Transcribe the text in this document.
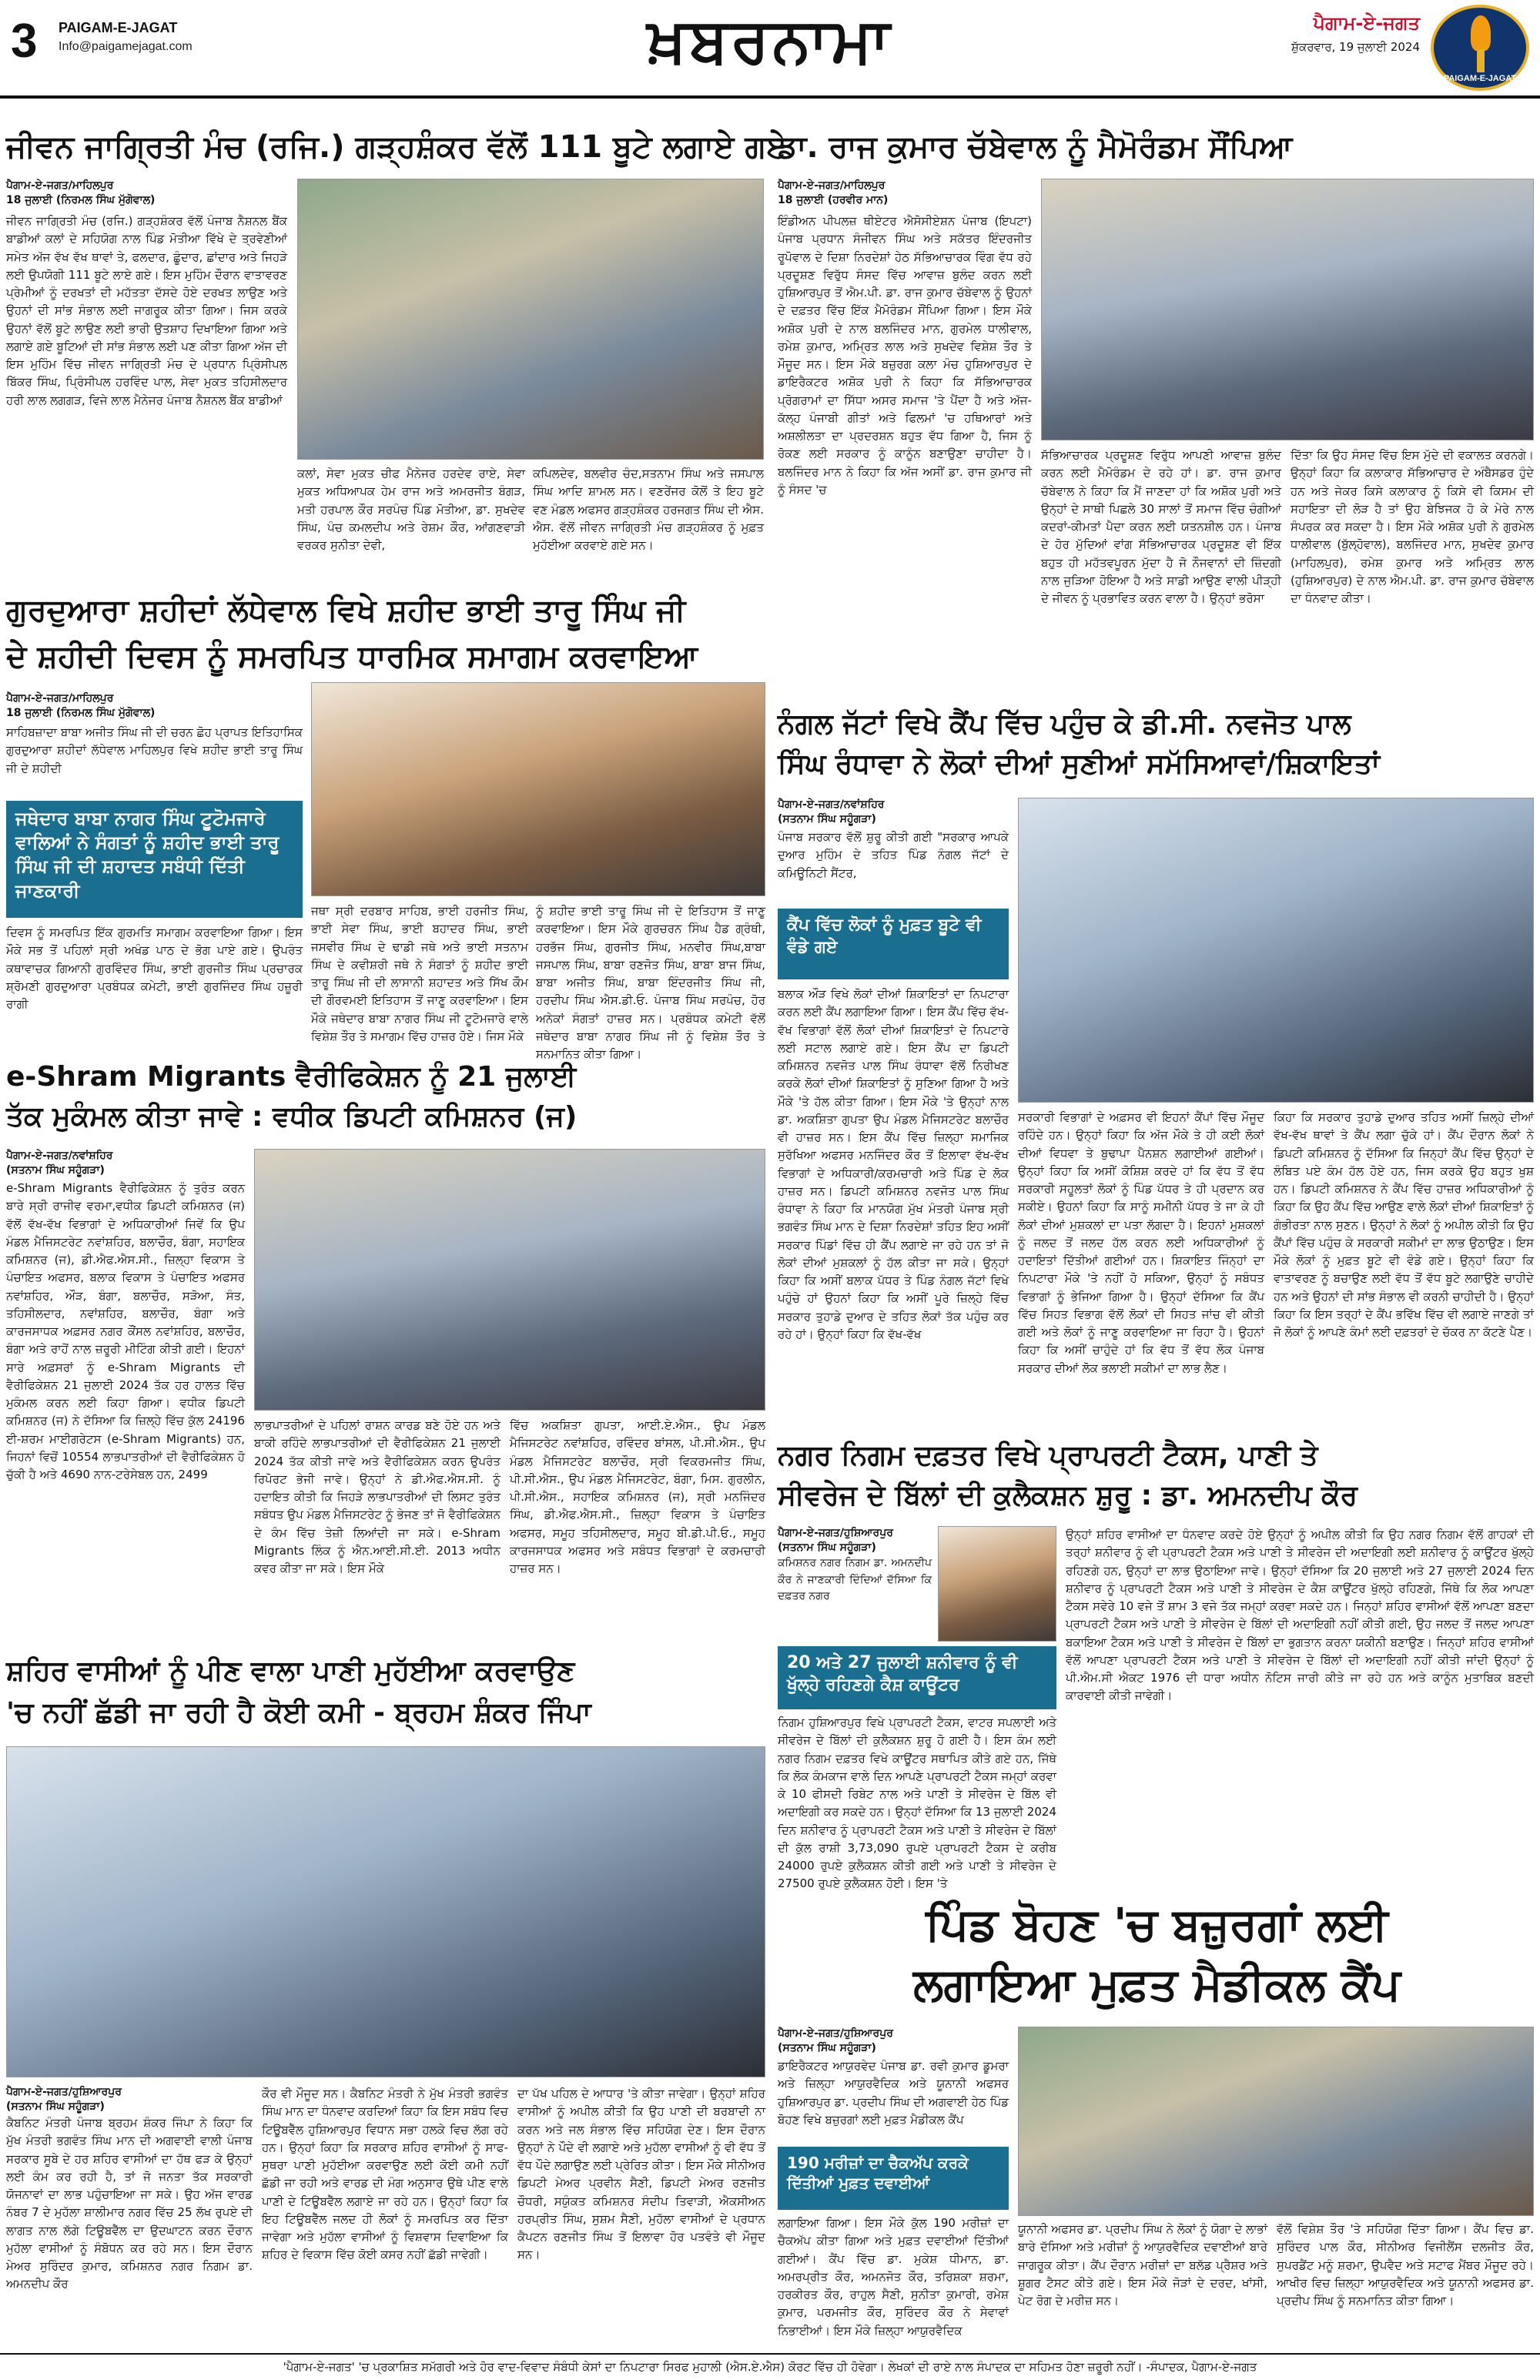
3 PAIGAM-E-JAGAT
Info@paigamejagat.com	ਖ਼ਬਰਨਾਮਾ	ਪੈਗਾਮ-ਏ-ਜਗਤ
ਸ਼ੁੱਕਰਵਾਰ, 19 ਜੁਲਾਈ 2024
PAIGAM-E-JAGAT
ਜੀਵਨ ਜਾਗ੍ਰਿਤੀ ਮੰਚ (ਰਜਿ.) ਗੜ੍ਹਸ਼ੰਕਰ ਵੱਲੋਂ 111 ਬੂਟੇ ਲਗਾਏ ਗਏ
ਪੈਗਾਮ-ਏ-ਜਗਤ/ਮਾਹਿਲਪੁਰ
18 ਜੁਲਾਈ (ਨਿਰਮਲ ਸਿੰਘ ਮੁੱਗੋਵਾਲ)
ਜੀਵਨ ਜਾਗ੍ਰਿਤੀ ਮੰਚ (ਰਜਿ.) ਗੜ੍ਹਸ਼ੰਕਰ ਵੱਲੋਂ ਪੰਜਾਬ ਨੈਸ਼ਨਲ ਬੈਂਕ ਬਾਡੀਆਂ ਕਲਾਂ ਦੇ ਸਹਿਯੋਗ ਨਾਲ ਪਿੰਡ ਮੋਤੀਆ ਵਿੱਖੇ ਦੇ ਤ੍ਰਵੇਣੀਆਂ ਸਮੇਤ ਅੱਜ ਵੱਖ ਵੱਖ ਥਾਵਾਂ ਤੇ, ਫਲਦਾਰ, ਛੂੰਦਾਰ, ਛਾਂਦਾਰ ਅਤੇ ਜਿਹੜੇ ਲਈ ਉਪਯੋਗੀ 111 ਬੂਟੇ ਲਾਏ ਗਏ। ਇਸ ਮੁਹਿੰਮ ਦੌਰਾਨ ਵਾਤਾਵਰਣ ਪ੍ਰੇਮੀਆਂ ਨੂੰ ਦਰਖਤਾਂ ਦੀ ਮਹੱਤਤਾ ਦੱਸਦੇ ਹੋਏ ਦਰਖਤ ਲਾਉਣ ਅਤੇ ਉਹਨਾਂ ਦੀ ਸਾਂਭ ਸੰਭਾਲ ਲਈ ਜਾਗਰੂਕ ਕੀਤਾ ਗਿਆ। ਜਿਸ ਕਰਕੇ ਉਹਨਾਂ ਵੱਲੋਂ ਬੂਟੇ ਲਾਉਣ ਲਈ ਭਾਰੀ ਉਤਸ਼ਾਹ ਦਿਖਾਇਆ ਗਿਆ ਅਤੇ ਲਗਾਏ ਗਏ ਬੂਟਿਆਂ ਦੀ ਸਾਂਭ ਸੰਭਾਲ ਲਈ ਪਣ ਕੀਤਾ ਗਿਆ ਅੱਜ ਦੀ ਇਸ ਮੁਹਿੰਮ ਵਿੱਚ ਜੀਵਨ ਜਾਗ੍ਰਿਤੀ ਮੰਚ ਦੇ ਪ੍ਰਧਾਨ ਪ੍ਰਿੰਸੀਪਲ ਬਿੱਕਰ ਸਿੰਘ, ਪ੍ਰਿੰਸੀਪਲ ਹਰਵਿੰਦ ਪਾਲ, ਸੇਵਾ ਮੁਕਤ ਤਹਿਸੀਲਦਾਰ ਹਰੀ ਲਾਲ ਲਗਗੜ, ਵਿਜੇ ਲਾਲ ਮੈਨੇਜਰ ਪੰਜਾਬ ਨੈਸ਼ਨਲ ਬੈਂਕ ਬਾਡੀਆਂ
ਕਲਾਂ, ਸੇਵਾ ਮੁਕਤ ਚੀਫ ਮੈਨੇਜਰ ਹਰਦੇਵ ਰਾਏ, ਸੇਵਾ ਮੁਕਤ ਅਧਿਆਪਕ ਹੇਮ ਰਾਜ ਅਤੇ ਅਮਰਜੀਤ ਬੰਗੜ, ਮਤੀ ਹਰਪਾਲ ਕੌਰ ਸਰਪੰਚ ਪਿੰਡ ਮੋਤੀਆ, ਡਾ. ਸੁਖਦੇਵ ਸਿੰਘ, ਪੰਚ ਕਮਲਦੀਪ ਅਤੇ ਰੇਸ਼ਮ ਕੌਰ, ਆਂਗਣਵਾੜੀ ਵਰਕਰ ਸੁਨੀਤਾ ਦੇਵੀ,
ਕਪਿਲਦੇਵ, ਬਲਵੀਰ ਚੰਦ,ਸਤਨਾਮ ਸਿੰਘ ਅਤੇ ਜਸਪਾਲ ਸਿੰਘ ਆਦਿ ਸ਼ਾਮਲ ਸਨ। ਵਣਰੇਂਜਰ ਕੋਲੋਂ ਤੇ ਇਹ ਬੂਟੇ ਵਣ ਮੰਡਲ ਅਫਸਰ ਗੜ੍ਹਸ਼ੰਕਰ ਹਰਜਗਤ ਸਿੰਘ ਦੀ ਐਸ. ਐਸ. ਵੱਲੋਂ ਜੀਵਨ ਜਾਗ੍ਰਿਤੀ ਮੰਚ ਗੜ੍ਹਸ਼ੰਕਰ ਨੂੰ ਮੁਫ਼ਤ ਮੁਹੱਈਆ ਕਰਵਾਏ ਗਏ ਸਨ।
ਡਾ. ਰਾਜ ਕੁਮਾਰ ਚੱਬੇਵਾਲ ਨੂੰ ਮੈਮੋਰੰਡਮ ਸੌਂਪਿਆ
ਪੈਗਾਮ-ਏ-ਜਗਤ/ਮਾਹਿਲਪੁਰ
18 ਜੁਲਾਈ (ਹਰਵੀਰ ਮਾਨ)
ਇੰਡੀਅਨ ਪੀਪਲਜ਼ ਥੀਏਟਰ ਐਸੋਸੀਏਸ਼ਨ ਪੰਜਾਬ (ਇਪਟਾ) ਪੰਜਾਬ ਪ੍ਰਧਾਨ ਸੰਜੀਵਨ ਸਿੰਘ ਅਤੇ ਸਕੱਤਰ ਇੰਦਰਜੀਤ ਰੂਪੋਵਾਲ ਦੇ ਦਿਸ਼ਾ ਨਿਰਦੇਸ਼ਾਂ ਹੇਠ ਸੱਭਿਆਚਾਰਕ ਵਿੰਗ ਵੱਧ ਰਹੇ ਪ੍ਰਦੂਸ਼ਣ ਵਿਰੁੱਧ ਸੰਸਦ ਵਿੱਚ ਆਵਾਜ਼ ਬੁਲੰਦ ਕਰਨ ਲਈ ਹੁਸ਼ਿਆਰਪੁਰ ਤੋਂ ਐਮ.ਪੀ. ਡਾ. ਰਾਜ ਕੁਮਾਰ ਚੱਬੇਵਾਲ ਨੂੰ ਉਹਨਾਂ ਦੇ ਦਫ਼ਤਰ ਵਿੱਚ ਇੱਕ ਮੈਮੋਰੰਡਮ ਸੌਂਪਿਆ ਗਿਆ। ਇਸ ਮੌਕੇ ਅਸ਼ੋਕ ਪੁਰੀ ਦੇ ਨਾਲ ਬਲਜਿੰਦਰ ਮਾਨ, ਗੁਰਮੇਲ ਧਾਲੀਵਾਲ, ਰਮੇਸ਼ ਕੁਮਾਰ, ਅਮ੍ਰਿਤ ਲਾਲ ਅਤੇ ਸੁਖਦੇਵ ਵਿਸ਼ੇਸ਼ ਤੌਰ ਤੇ ਮੌਜੂਦ ਸਨ। ਇਸ ਮੌਕੇ ਬਜ਼ੁਰਗ ਕਲਾ ਮੰਚ ਹੁਸ਼ਿਆਰਪੁਰ ਦੇ ਡਾਇਰੈਕਟਰ ਅਸ਼ੋਕ ਪੁਰੀ ਨੇ ਕਿਹਾ ਕਿ ਸੱਭਿਆਚਾਰਕ ਪ੍ਰੋਗਰਾਮਾਂ ਦਾ ਸਿੱਧਾ ਅਸਰ ਸਮਾਜ 'ਤੇ ਪੈਂਦਾ ਹੈ ਅਤੇ ਅੱਜ-ਕੱਲ੍ਹ ਪੰਜਾਬੀ ਗੀਤਾਂ ਅਤੇ ਫਿਲਮਾਂ 'ਚ ਹਥਿਆਰਾਂ ਅਤੇ ਅਸ਼ਲੀਲਤਾ ਦਾ ਪ੍ਰਦਰਸ਼ਨ ਬਹੁਤ ਵੱਧ ਗਿਆ ਹੈ, ਜਿਸ ਨੂੰ ਰੋਕਣ ਲਈ ਸਰਕਾਰ ਨੂੰ ਕਾਨੂੰਨ ਬਣਾਉਣਾ ਚਾਹੀਦਾ ਹੈ। ਬਲਜਿੰਦਰ ਮਾਨ ਨੇ ਕਿਹਾ ਕਿ ਅੱਜ ਅਸੀਂ ਡਾ. ਰਾਜ ਕੁਮਾਰ ਜੀ ਨੂੰ ਸੰਸਦ 'ਚ
ਸੱਭਿਆਚਾਰਕ ਪ੍ਰਦੂਸ਼ਣ ਵਿਰੁੱਧ ਆਪਣੀ ਆਵਾਜ਼ ਬੁਲੰਦ ਕਰਨ ਲਈ ਮੈਮੋਰੰਡਮ ਦੇ ਰਹੇ ਹਾਂ। ਡਾ. ਰਾਜ ਕੁਮਾਰ ਚੱਬੇਵਾਲ ਨੇ ਕਿਹਾ ਕਿ ਮੈਂ ਜਾਣਦਾ ਹਾਂ ਕਿ ਅਸ਼ੋਕ ਪੁਰੀ ਅਤੇ ਉਨ੍ਹਾਂ ਦੇ ਸਾਥੀ ਪਿਛਲੇ 30 ਸਾਲਾਂ ਤੋਂ ਸਮਾਜ ਵਿੱਚ ਚੰਗੀਆਂ ਕਦਰਾਂ-ਕੀਮਤਾਂ ਪੈਦਾ ਕਰਨ ਲਈ ਯਤਨਸ਼ੀਲ ਹਨ। ਪੰਜਾਬ ਦੇ ਹੋਰ ਮੁੱਦਿਆਂ ਵਾਂਗ ਸੱਭਿਆਚਾਰਕ ਪ੍ਰਦੂਸ਼ਣ ਵੀ ਇੱਕ ਬਹੁਤ ਹੀ ਮਹੱਤਵਪੂਰਨ ਮੁੱਦਾ ਹੈ ਜੋ ਨੌਜਵਾਨਾਂ ਦੀ ਜ਼ਿੰਦਗੀ ਨਾਲ ਜੁੜਿਆ ਹੋਇਆ ਹੈ ਅਤੇ ਸਾਡੀ ਆਉਣ ਵਾਲੀ ਪੀੜ੍ਹੀ ਦੇ ਜੀਵਨ ਨੂੰ ਪ੍ਰਭਾਵਿਤ ਕਰਨ ਵਾਲਾ ਹੈ। ਉਨ੍ਹਾਂ ਭਰੋਸਾ
ਦਿੱਤਾ ਕਿ ਉਹ ਸੰਸਦ ਵਿੱਚ ਇਸ ਮੁੱਦੇ ਦੀ ਵਕਾਲਤ ਕਰਨਗੇ। ਉਨ੍ਹਾਂ ਕਿਹਾ ਕਿ ਕਲਾਕਾਰ ਸੱਭਿਆਚਾਰ ਦੇ ਅੰਬੈਸਡਰ ਹੁੰਦੇ ਹਨ ਅਤੇ ਜੇਕਰ ਕਿਸੇ ਕਲਾਕਾਰ ਨੂੰ ਕਿਸੇ ਵੀ ਕਿਸਮ ਦੀ ਸਹਾਇਤਾ ਦੀ ਲੋੜ ਹੈ ਤਾਂ ਉਹ ਬੇਝਿਜਕ ਹੋ ਕੇ ਮੇਰੇ ਨਾਲ ਸੰਪਰਕ ਕਰ ਸਕਦਾ ਹੈ। ਇਸ ਮੌਕੇ ਅਸ਼ੋਕ ਪੁਰੀ ਨੇ ਗੁਰਮੇਲ ਧਾਲੀਵਾਲ (ਬੁੱਲ੍ਹੋਵਾਲ), ਬਲਜਿੰਦਰ ਮਾਨ, ਸੁਖਦੇਵ ਕੁਮਾਰ (ਮਾਹਿਲਪੁਰ), ਰਮੇਸ਼ ਕੁਮਾਰ ਅਤੇ ਅਮ੍ਰਿਤ ਲਾਲ (ਹੁਸ਼ਿਆਰਪੁਰ) ਦੇ ਨਾਲ ਐਮ.ਪੀ. ਡਾ. ਰਾਜ ਕੁਮਾਰ ਚੱਬੇਵਾਲ ਦਾ ਧੰਨਵਾਦ ਕੀਤਾ।
ਗੁਰਦੁਆਰਾ ਸ਼ਹੀਦਾਂ ਲੱਧੇਵਾਲ ਵਿਖੇ ਸ਼ਹੀਦ ਭਾਈ ਤਾਰੂ ਸਿੰਘ ਜੀ
ਦੇ ਸ਼ਹੀਦੀ ਦਿਵਸ ਨੂੰ ਸਮਰਪਿਤ ਧਾਰਮਿਕ ਸਮਾਗਮ ਕਰਵਾਇਆ
ਪੈਗਾਮ-ਏ-ਜਗਤ/ਮਾਹਿਲਪੁਰ
18 ਜੁਲਾਈ (ਨਿਰਮਲ ਸਿੰਘ ਮੁੱਗੋਵਾਲ)
ਸਾਹਿਬਜ਼ਾਦਾ ਬਾਬਾ ਅਜੀਤ ਸਿੰਘ ਜੀ ਦੀ ਚਰਨ ਛੋਹ ਪ੍ਰਾਪਤ ਇਤਿਹਾਸਿਕ ਗੁਰਦੁਆਰਾ ਸ਼ਹੀਦਾਂ ਲੱਧੇਵਾਲ ਮਾਹਿਲਪੁਰ ਵਿਖੇ ਸ਼ਹੀਦ ਭਾਈ ਤਾਰੂ ਸਿੰਘ ਜੀ ਦੇ ਸ਼ਹੀਦੀ
ਜਥੇਦਾਰ ਬਾਬਾ ਨਾਗਰ ਸਿੰਘ ਟੂਟੋਮਜਾਰੇ ਵਾਲਿਆਂ ਨੇ ਸੰਗਤਾਂ ਨੂੰ ਸ਼ਹੀਦ ਭਾਈ ਤਾਰੂ ਸਿੰਘ ਜੀ ਦੀ ਸ਼ਹਾਦਤ ਸਬੰਧੀ ਦਿੱਤੀ ਜਾਣਕਾਰੀ
ਦਿਵਸ ਨੂੰ ਸਮਰਪਿਤ ਇੱਕ ਗੁਰਮਤਿ ਸਮਾਗਮ ਕਰਵਾਇਆ ਗਿਆ। ਇਸ ਮੌਕੇ ਸਭ ਤੋਂ ਪਹਿਲਾਂ ਸ੍ਰੀ ਅਖੰਡ ਪਾਠ ਦੇ ਭੋਗ ਪਾਏ ਗਏ। ਉਪਰੰਤ ਕਥਾਵਾਚਕ ਗਿਆਨੀ ਗੁਰਵਿੰਦਰ ਸਿੰਘ, ਭਾਈ ਗੁਰਜੀਤ ਸਿੰਘ ਪ੍ਰਚਾਰਕ ਸ਼੍ਰੋਮਣੀ ਗੁਰਦੁਆਰਾ ਪ੍ਰਬੰਧਕ ਕਮੇਟੀ, ਭਾਈ ਗੁਰਜਿੰਦਰ ਸਿੰਘ ਹਜ਼ੂਰੀ ਰਾਗੀ
ਜਥਾ ਸ੍ਰੀ ਦਰਬਾਰ ਸਾਹਿਬ, ਭਾਈ ਹਰਜੀਤ ਸਿੰਘ, ਭਾਈ ਸੇਵਾ ਸਿੰਘ, ਭਾਈ ਬਹਾਦਰ ਸਿੰਘ, ਭਾਈ ਜਸਵੀਰ ਸਿੰਘ ਦੇ ਢਾਡੀ ਜਥੇ ਅਤੇ ਭਾਈ ਸਤਨਾਮ ਸਿੰਘ ਦੇ ਕਵੀਸ਼ਰੀ ਜਥੇ ਨੇ ਸੰਗਤਾਂ ਨੂੰ ਸ਼ਹੀਦ ਭਾਈ ਤਾਰੂ ਸਿੰਘ ਜੀ ਦੀ ਲਾਸਾਨੀ ਸ਼ਹਾਦਤ ਅਤੇ ਸਿੱਖ ਕੌਮ ਦੀ ਗੌਰਵਮਈ ਇਤਿਹਾਸ ਤੋਂ ਜਾਣੂ ਕਰਵਾਇਆ। ਇਸ ਮੌਕੇ ਜਥੇਦਾਰ ਬਾਬਾ ਨਾਗਰ ਸਿੰਘ ਜੀ ਟੂਟੋਮਜਾਰੇ ਵਾਲੇ ਵਿਸ਼ੇਸ਼ ਤੌਰ ਤੇ ਸਮਾਗਮ ਵਿੱਚ ਹਾਜ਼ਰ ਹੋਏ। ਜਿਸ ਮੌਕੇ
ਨੂੰ ਸ਼ਹੀਦ ਭਾਈ ਤਾਰੂ ਸਿੰਘ ਜੀ ਦੇ ਇਤਿਹਾਸ ਤੋਂ ਜਾਣੂ ਕਰਵਾਇਆ। ਇਸ ਮੌਕੇ ਗੁਰਚਰਨ ਸਿੰਘ ਹੈਡ ਗ੍ਰੰਥੀ, ਹਰਭੱਜ ਸਿੰਘ, ਗੁਰਜੀਤ ਸਿੰਘ, ਮਨਵੀਰ ਸਿੰਘ,ਬਾਬਾ ਜਸਪਾਲ ਸਿੰਘ, ਬਾਬਾ ਰਣਜੋਤ ਸਿੰਘ, ਬਾਬਾ ਬਾਜ ਸਿੰਘ, ਬਾਬਾ ਅਜੀਤ ਸਿੰਘ, ਬਾਬਾ ਇੰਦਰਜੀਤ ਸਿੰਘ ਜੀ, ਹਰਦੀਪ ਸਿੰਘ ਐਸ.ਡੀ.ਓ. ਪੰਜਾਬ ਸਿੰਘ ਸਰਪੰਚ, ਹੋਰ ਅਨੇਕਾਂ ਸੰਗਤਾਂ ਹਾਜ਼ਰ ਸਨ। ਪ੍ਰਬੰਧਕ ਕਮੇਟੀ ਵੱਲੋਂ ਜਥੇਦਾਰ ਬਾਬਾ ਨਾਗਰ ਸਿੰਘ ਜੀ ਨੂੰ ਵਿਸ਼ੇਸ਼ ਤੌਰ ਤੇ ਸਨਮਾਨਿਤ ਕੀਤਾ ਗਿਆ।
ਨੰਗਲ ਜੱਟਾਂ ਵਿਖੇ ਕੈਂਪ ਵਿੱਚ ਪਹੁੰਚ ਕੇ ਡੀ.ਸੀ. ਨਵਜੋਤ ਪਾਲ
ਸਿੰਘ ਰੰਧਾਵਾ ਨੇ ਲੋਕਾਂ ਦੀਆਂ ਸੁਣੀਆਂ ਸਮੱਸਿਆਵਾਂ/ਸ਼ਿਕਾਇਤਾਂ
ਪੈਗਾਮ-ਏ-ਜਗਤ/ਨਵਾਂਸ਼ਹਿਰ
(ਸਤਨਾਮ ਸਿੰਘ ਸਹੂੰਗੜਾ)
ਪੰਜਾਬ ਸਰਕਾਰ ਵੱਲੋਂ ਸ਼ੁਰੂ ਕੀਤੀ ਗਈ "ਸਰਕਾਰ ਆਪਕੇ ਦੁਆਰ ਮੁਹਿੰਮ ਦੇ ਤਹਿਤ ਪਿੰਡ ਨੰਗਲ ਜੱਟਾਂ ਦੇ ਕਮਿਊਨਿਟੀ ਸੈਂਟਰ,
ਕੈਂਪ ਵਿੱਚ ਲੋਕਾਂ ਨੂੰ ਮੁਫ਼ਤ ਬੂਟੇ ਵੀ ਵੰਡੇ ਗਏ
ਬਲਾਕ ਔੜ ਵਿਖੇ ਲੋਕਾਂ ਦੀਆਂ ਸ਼ਿਕਾਇਤਾਂ ਦਾ ਨਿਪਟਾਰਾ ਕਰਨ ਲਈ ਕੈਂਪ ਲਗਾਇਆ ਗਿਆ। ਇਸ ਕੈਂਪ ਵਿੱਚ ਵੱਖ-ਵੱਖ ਵਿਭਾਗਾਂ ਵੱਲੋਂ ਲੋਕਾਂ ਦੀਆਂ ਸ਼ਿਕਾਇਤਾਂ ਦੇ ਨਿਪਟਾਰੇ ਲਈ ਸਟਾਲ ਲਗਾਏ ਗਏ। ਇਸ ਕੈਂਪ ਦਾ ਡਿਪਟੀ ਕਮਿਸ਼ਨਰ ਨਵਜੋਤ ਪਾਲ ਸਿੰਘ ਰੰਧਾਵਾ ਵੱਲੋਂ ਨਿਰੀਖਣ ਕਰਕੇ ਲੋਕਾਂ ਦੀਆਂ ਸ਼ਿਕਾਇਤਾਂ ਨੂੰ ਸੁਣਿਆ ਗਿਆ ਹੈ ਅਤੇ ਮੌਕੇ 'ਤੇ ਹੱਲ ਕੀਤਾ ਗਿਆ। ਇਸ ਮੌਕੇ 'ਤੇ ਉਨ੍ਹਾਂ ਨਾਲ ਡਾ. ਅਕਸ਼ਿਤਾ ਗੁਪਤਾ ਉਪ ਮੰਡਲ ਮੈਜਿਸਟਰੇਟ ਬਲਾਚੌਰ ਵੀ ਹਾਜ਼ਰ ਸਨ। ਇਸ ਕੈਂਪ ਵਿੱਚ ਜ਼ਿਲ੍ਹਾ ਸਮਾਜਿਕ ਸੁਰੱਖਿਆ ਅਫਸਰ ਮਨਜਿੰਦਰ ਕੌਰ ਤੋਂ ਇਲਾਵਾ ਵੱਖ-ਵੱਖ ਵਿਭਾਗਾਂ ਦੇ ਅਧਿਕਾਰੀ/ਕਰਮਚਾਰੀ ਅਤੇ ਪਿੰਡ ਦੇ ਲੋਕ ਹਾਜ਼ਰ ਸਨ। ਡਿਪਟੀ ਕਮਿਸ਼ਨਰ ਨਵਜੋਤ ਪਾਲ ਸਿੰਘ ਰੰਧਾਵਾ ਨੇ ਕਿਹਾ ਕਿ ਮਾਨਯੋਗ ਮੁੱਖ ਮੰਤਰੀ ਪੰਜਾਬ ਸ੍ਰੀ ਭਗਵੰਤ ਸਿੰਘ ਮਾਨ ਦੇ ਦਿਸ਼ਾ ਨਿਰਦੇਸ਼ਾਂ ਤਹਿਤ ਇਹ ਅਸੀਂ ਸਰਕਾਰ ਪਿੰਡਾਂ ਵਿੱਚ ਹੀ ਕੈਂਪ ਲਗਾਏ ਜਾ ਰਹੇ ਹਨ ਤਾਂ ਜੋ ਲੋਕਾਂ ਦੀਆਂ ਮੁਸ਼ਕਲਾਂ ਨੂੰ ਹੱਲ ਕੀਤਾ ਜਾ ਸਕੇ। ਉਨ੍ਹਾਂ ਕਿਹਾ ਕਿ ਅਸੀਂ ਬਲਾਕ ਪੱਧਰ ਤੇ ਪਿੰਡ ਨੰਗਲ ਜੱਟਾਂ ਵਿਖੇ ਪਹੁੰਚੇ ਹਾਂ ਉਹਨਾਂ ਕਿਹਾ ਕਿ ਅਸੀਂ ਪੂਰੇ ਜ਼ਿਲ੍ਹੇ ਵਿੱਚ ਸਰਕਾਰ ਤੁਹਾਡੇ ਦੁਆਰ ਦੇ ਤਹਿਤ ਲੋਕਾਂ ਤੱਕ ਪਹੁੰਚ ਕਰ ਰਹੇ ਹਾਂ। ਉਨ੍ਹਾਂ ਕਿਹਾ ਕਿ ਵੱਖ-ਵੱਖ
ਸਰਕਾਰੀ ਵਿਭਾਗਾਂ ਦੇ ਅਫ਼ਸਰ ਵੀ ਇਹਨਾਂ ਕੈਂਪਾਂ ਵਿੱਚ ਮੌਜੂਦ ਰਹਿੰਦੇ ਹਨ। ਉਨ੍ਹਾਂ ਕਿਹਾ ਕਿ ਅੱਜ ਮੌਕੇ ਤੇ ਹੀ ਕਈ ਲੋਕਾਂ ਦੀਆਂ ਵਿਧਵਾ ਤੇ ਬੁਢਾਪਾ ਪੈਨਸ਼ਨ ਲਗਾਈਆਂ ਗਈਆਂ। ਉਨ੍ਹਾਂ ਕਿਹਾ ਕਿ ਅਸੀਂ ਕੋਸ਼ਿਸ਼ ਕਰਦੇ ਹਾਂ ਕਿ ਵੱਧ ਤੋਂ ਵੱਧ ਸਰਕਾਰੀ ਸਹੂਲਤਾਂ ਲੋਕਾਂ ਨੂੰ ਪਿੰਡ ਪੱਧਰ ਤੇ ਹੀ ਪ੍ਰਦਾਨ ਕਰ ਸਕੀਏ। ਉਹਨਾਂ ਕਿਹਾ ਕਿ ਸਾਨੂੰ ਸਮੀਨੀ ਪੱਧਰ ਤੇ ਜਾ ਕੇ ਹੀ ਲੋਕਾਂ ਦੀਆਂ ਮੁਸ਼ਕਲਾਂ ਦਾ ਪਤਾ ਲੱਗਦਾ ਹੈ। ਇਹਨਾਂ ਮੁਸ਼ਕਲਾਂ ਨੂੰ ਜਲਦ ਤੋਂ ਜਲਦ ਹੱਲ ਕਰਨ ਲਈ ਅਧਿਕਾਰੀਆਂ ਨੂੰ ਹਦਾਇਤਾਂ ਦਿੱਤੀਆਂ ਗਈਆਂ ਹਨ। ਸ਼ਿਕਾਇਤ ਜਿੰਨ੍ਹਾਂ ਦਾ ਨਿਪਟਾਰਾ ਮੌਕੇ 'ਤੇ ਨਹੀਂ ਹੋ ਸਕਿਆ, ਉਨ੍ਹਾਂ ਨੂੰ ਸਬੰਧਤ ਵਿਭਾਗਾਂ ਨੂੰ ਭੇਜਿਆ ਗਿਆ ਹੈ। ਉਨ੍ਹਾਂ ਦੱਸਿਆ ਕਿ ਕੈਂਪ ਵਿੱਚ ਸਿਹਤ ਵਿਭਾਗ ਵੱਲੋਂ ਲੋਕਾਂ ਦੀ ਸਿਹਤ ਜਾਂਚ ਵੀ ਕੀਤੀ ਗਈ ਅਤੇ ਲੋਕਾਂ ਨੂੰ ਜਾਣੂ ਕਰਵਾਇਆ ਜਾ ਰਿਹਾ ਹੈ। ਉਹਨਾਂ ਕਿਹਾ ਕਿ ਅਸੀਂ ਚਾਹੁੰਦੇ ਹਾਂ ਕਿ ਵੱਧ ਤੋਂ ਵੱਧ ਲੋਕ ਪੰਜਾਬ ਸਰਕਾਰ ਦੀਆਂ ਲੋਕ ਭਲਾਈ ਸਕੀਮਾਂ ਦਾ ਲਾਭ ਲੈਣ।
ਕਿਹਾ ਕਿ ਸਰਕਾਰ ਤੁਹਾਡੇ ਦੁਆਰ ਤਹਿਤ ਅਸੀਂ ਜ਼ਿਲ੍ਹੇ ਦੀਆਂ ਵੱਖ-ਵੱਖ ਥਾਵਾਂ ਤੇ ਕੈਂਪ ਲਗਾ ਚੁੱਕੇ ਹਾਂ। ਕੈਂਪ ਦੌਰਾਨ ਲੋਕਾਂ ਨੇ ਡਿਪਟੀ ਕਮਿਸ਼ਨਰ ਨੂੰ ਦੱਸਿਆ ਕਿ ਜਿਨ੍ਹਾਂ ਕੈਂਪ ਵਿੱਚ ਉਨ੍ਹਾਂ ਦੇ ਲੰਬਿਤ ਪਏ ਕੰਮ ਹੱਲ ਹੋਏ ਹਨ, ਜਿਸ ਕਰਕੇ ਉਹ ਬਹੁਤ ਖੁਸ਼ ਹਨ। ਡਿਪਟੀ ਕਮਿਸ਼ਨਰ ਨੇ ਕੈਂਪ ਵਿੱਚ ਹਾਜ਼ਰ ਅਧਿਕਾਰੀਆਂ ਨੂੰ ਕਿਹਾ ਕਿ ਉਹ ਕੈਂਪ ਵਿੱਚ ਆਉਣ ਵਾਲੇ ਲੋਕਾਂ ਦੀਆਂ ਸ਼ਿਕਾਇਤਾਂ ਨੂੰ ਗੰਭੀਰਤਾ ਨਾਲ ਸੁਣਨ। ਉਨ੍ਹਾਂ ਨੇ ਲੋਕਾਂ ਨੂੰ ਅਪੀਲ ਕੀਤੀ ਕਿ ਉਹ ਕੈਂਪਾਂ ਵਿੱਚ ਪਹੁੰਚ ਕੇ ਸਰਕਾਰੀ ਸਕੀਮਾਂ ਦਾ ਲਾਭ ਉਠਾਉਣ। ਇਸ ਮੌਕੇ ਲੋਕਾਂ ਨੂੰ ਮੁਫ਼ਤ ਬੂਟੇ ਵੀ ਵੰਡੇ ਗਏ। ਉਨ੍ਹਾਂ ਕਿਹਾ ਕਿ ਵਾਤਾਵਰਣ ਨੂੰ ਬਚਾਉਣ ਲਈ ਵੱਧ ਤੋਂ ਵੱਧ ਬੂਟੇ ਲਗਾਉਣੇ ਚਾਹੀਦੇ ਹਨ ਅਤੇ ਉਹਨਾਂ ਦੀ ਸਾਂਭ ਸੰਭਾਲ ਵੀ ਕਰਨੀ ਚਾਹੀਦੀ ਹੈ। ਉਨ੍ਹਾਂ ਕਿਹਾ ਕਿ ਇਸ ਤਰ੍ਹਾਂ ਦੇ ਕੈਂਪ ਭਵਿੱਖ ਵਿੱਚ ਵੀ ਲਗਾਏ ਜਾਣਗੇ ਤਾਂ ਜੋ ਲੋਕਾਂ ਨੂੰ ਆਪਣੇ ਕੰਮਾਂ ਲਈ ਦਫ਼ਤਰਾਂ ਦੇ ਚੱਕਰ ਨਾ ਕੱਟਣੇ ਪੈਣ।
e-Shram Migrants ਵੈਰੀਫਿਕੇਸ਼ਨ ਨੂੰ 21 ਜੁਲਾਈ
ਤੱਕ ਮੁਕੰਮਲ ਕੀਤਾ ਜਾਵੇ : ਵਧੀਕ ਡਿਪਟੀ ਕਮਿਸ਼ਨਰ (ਜ)
ਪੈਗਾਮ-ਏ-ਜਗਤ/ਨਵਾਂਸ਼ਹਿਰ
(ਸਤਨਾਮ ਸਿੰਘ ਸਹੂੰਗੜਾ)
e-Shram Migrants ਵੈਰੀਫਿਕੇਸ਼ਨ ਨੂੰ ਤੁਰੰਤ ਕਰਨ ਬਾਰੇ ਸ੍ਰੀ ਰਾਜੀਵ ਵਰਮਾ,ਵਧੀਕ ਡਿਪਟੀ ਕਮਿਸ਼ਨਰ (ਜ) ਵੱਲੋਂ ਵੱਖ-ਵੱਖ ਵਿਭਾਗਾਂ ਦੇ ਅਧਿਕਾਰੀਆਂ ਜਿਵੇਂ ਕਿ ਉਪ ਮੰਡਲ ਮੈਜਿਸਟਰੇਟ ਨਵਾਂਸ਼ਹਿਰ, ਬਲਾਚੌਰ, ਬੰਗਾ, ਸਹਾਇਕ ਕਮਿਸ਼ਨਰ (ਜ), ਡੀ.ਐਫ.ਐਸ.ਸੀ., ਜ਼ਿਲ੍ਹਾ ਵਿਕਾਸ ਤੇ ਪੰਚਾਇਤ ਅਫਸਰ, ਬਲਾਕ ਵਿਕਾਸ ਤੇ ਪੰਚਾਇਤ ਅਫਸਰ ਨਵਾਂਸ਼ਹਿਰ, ਔੜ, ਬੰਗਾ, ਬਲਾਚੌਰ, ਸੜੋਆ, ਸੰਤ, ਤਹਿਸੀਲਦਾਰ, ਨਵਾਂਸ਼ਹਿਰ, ਬਲਾਚੌਰ, ਬੰਗਾ ਅਤੇ ਕਾਰਜਸਾਧਕ ਅਫ਼ਸਰ ਨਗਰ ਕੌਂਸਲ ਨਵਾਂਸ਼ਹਿਰ, ਬਲਾਚੌਰ, ਬੰਗਾ ਅਤੇ ਰਾਹੋਂ ਨਾਲ ਜ਼ਰੂਰੀ ਮੀਟਿੰਗ ਕੀਤੀ ਗਈ। ਇਹਨਾਂ ਸਾਰੇ ਅਫ਼ਸਰਾਂ ਨੂੰ e-Shram Migrants ਦੀ ਵੈਰੀਫਿਕੇਸ਼ਨ 21 ਜੁਲਾਈ 2024 ਤੱਕ ਹਰ ਹਾਲਤ ਵਿੱਚ ਮੁਕੰਮਲ ਕਰਨ ਲਈ ਕਿਹਾ ਗਿਆ। ਵਧੀਕ ਡਿਪਟੀ ਕਮਿਸ਼ਨਰ (ਜ) ਨੇ ਦੱਸਿਆ ਕਿ ਜ਼ਿਲ੍ਹੇ ਵਿੱਚ ਕੁੱਲ 24196 ਈ-ਸ਼ਰਮ ਮਾਈਗਰੇਟਸ (e-Shram Migrants) ਹਨ, ਜਿਹਨਾਂ ਵਿਚੋਂ 10554 ਲਾਭਪਾਤਰੀਆਂ ਦੀ ਵੈਰੀਫਿਕੇਸ਼ਨ ਹੋ ਚੁੱਕੀ ਹੈ ਅਤੇ 4690 ਨਾਨ-ਟਰੇਸੇਬਲ ਹਨ, 2499
ਲਾਭਪਾਤਰੀਆਂ ਦੇ ਪਹਿਲਾਂ ਰਾਸ਼ਨ ਕਾਰਡ ਬਣੇ ਹੋਏ ਹਨ ਅਤੇ ਬਾਕੀ ਰਹਿੰਦੇ ਲਾਭਪਾਤਰੀਆਂ ਦੀ ਵੈਰੀਫਿਕੇਸ਼ਨ 21 ਜੁਲਾਈ 2024 ਤੱਕ ਕੀਤੀ ਜਾਵੇ ਅਤੇ ਵੈਰੀਫਿਕੇਸ਼ਨ ਕਰਨ ਉਪਰੰਤ ਰਿਪੋਰਟ ਭੇਜੀ ਜਾਵੇ। ਉਨ੍ਹਾਂ ਨੇ ਡੀ.ਐਫ.ਐਸ.ਸੀ. ਨੂੰ ਹਦਾਇਤ ਕੀਤੀ ਕਿ ਜਿਹੜੇ ਲਾਭਪਾਤਰੀਆਂ ਦੀ ਲਿਸਟ ਤੁਰੰਤ ਸਬੰਧਤ ਉਪ ਮੰਡਲ ਮੈਜਿਸਟਰੇਟ ਨੂੰ ਭੇਜਣ ਤਾਂ ਜੋ ਵੈਰੀਫਿਕੇਸ਼ਨ ਦੇ ਕੰਮ ਵਿੱਚ ਤੇਜ਼ੀ ਲਿਆਂਦੀ ਜਾ ਸਕੇ। e-Shram Migrants ਲਿੰਕ ਨੂੰ ਐਨ.ਆਈ.ਸੀ.ਈ. 2013 ਅਧੀਨ ਕਵਰ ਕੀਤਾ ਜਾ ਸਕੇ। ਇਸ ਮੌਕੇ
ਵਿੱਚ ਅਕਸ਼ਿਤਾ ਗੁਪਤਾ, ਆਈ.ਏ.ਐਸ., ਉਪ ਮੰਡਲ ਮੈਜਿਸਟਰੇਟ ਨਵਾਂਸ਼ਹਿਰ, ਰਵਿੰਦਰ ਬਾਂਸਲ, ਪੀ.ਸੀ.ਐਸ., ਉਪ ਮੰਡਲ ਮੈਜਿਸਟਰੇਟ ਬਲਾਚੌਰ, ਸ੍ਰੀ ਵਿਕਰਮਜੀਤ ਸਿੰਘ, ਪੀ.ਸੀ.ਐਸ., ਉਪ ਮੰਡਲ ਮੈਜਿਸਟਰੇਟ, ਬੰਗਾ, ਮਿਸ. ਗੁਰਲੀਨ, ਪੀ.ਸੀ.ਐਸ., ਸਹਾਇਕ ਕਮਿਸ਼ਨਰ (ਜ), ਸ੍ਰੀ ਮਨਜਿੰਦਰ ਸਿੰਘ, ਡੀ.ਐਫ.ਐਸ.ਸੀ., ਜ਼ਿਲ੍ਹਾ ਵਿਕਾਸ ਤੇ ਪੰਚਾਇਤ ਅਫਸਰ, ਸਮੂਹ ਤਹਿਸੀਲਦਾਰ, ਸਮੂਹ ਬੀ.ਡੀ.ਪੀ.ਓ., ਸਮੂਹ ਕਾਰਜਸਾਧਕ ਅਫਸਰ ਅਤੇ ਸਬੰਧਤ ਵਿਭਾਗਾਂ ਦੇ ਕਰਮਚਾਰੀ ਹਾਜ਼ਰ ਸਨ।
ਨਗਰ ਨਿਗਮ ਦਫ਼ਤਰ ਵਿਖੇ ਪ੍ਰਾਪਰਟੀ ਟੈਕਸ, ਪਾਣੀ ਤੇ
ਸੀਵਰੇਜ ਦੇ ਬਿੱਲਾਂ ਦੀ ਕੁਲੈਕਸ਼ਨ ਸ਼ੁਰੂ : ਡਾ. ਅਮਨਦੀਪ ਕੌਰ
ਪੈਗਾਮ-ਏ-ਜਗਤ/ਹੁਸ਼ਿਆਰਪੁਰ
(ਸਤਨਾਮ ਸਿੰਘ ਸਹੂੰਗੜਾ)
ਕਮਿਸ਼ਨਰ ਨਗਰ ਨਿਗਮ ਡਾ. ਅਮਨਦੀਪ ਕੌਰ ਨੇ ਜਾਣਕਾਰੀ ਦਿੰਦਿਆਂ ਦੱਸਿਆ ਕਿ ਦਫ਼ਤਰ ਨਗਰ
20 ਅਤੇ 27 ਜੁਲਾਈ ਸ਼ਨੀਵਾਰ ਨੂੰ ਵੀ ਖੁੱਲ੍ਹੇ ਰਹਿਣਗੇ ਕੈਸ਼ ਕਾਊਂਟਰ
ਨਿਗਮ ਹੁਸ਼ਿਆਰਪੁਰ ਵਿਖੇ ਪ੍ਰਾਪਰਟੀ ਟੈਕਸ, ਵਾਟਰ ਸਪਲਾਈ ਅਤੇ ਸੀਵਰੇਜ ਦੇ ਬਿੱਲਾਂ ਦੀ ਕੁਲੈਕਸ਼ਨ ਸ਼ੁਰੂ ਹੋ ਗਈ ਹੈ। ਇਸ ਕੰਮ ਲਈ ਨਗਰ ਨਿਗਮ ਦਫ਼ਤਰ ਵਿਖੇ ਕਾਊਂਟਰ ਸਥਾਪਿਤ ਕੀਤੇ ਗਏ ਹਨ, ਜਿੱਥੇ ਕਿ ਲੋਕ ਕੰਮਕਾਜ ਵਾਲੇ ਦਿਨ ਆਪਣੇ ਪ੍ਰਾਪਰਟੀ ਟੈਕਸ ਜਮ੍ਹਾਂ ਕਰਵਾ ਕੇ 10 ਫੀਸਦੀ ਰਿਬੇਟ ਨਾਲ ਅਤੇ ਪਾਣੀ ਤੇ ਸੀਵਰੇਜ ਦੇ ਬਿੱਲ ਵੀ ਅਦਾਇਗੀ ਕਰ ਸਕਦੇ ਹਨ। ਉਨ੍ਹਾਂ ਦੱਸਿਆ ਕਿ 13 ਜੁਲਾਈ 2024 ਦਿਨ ਸ਼ਨੀਵਾਰ ਨੂੰ ਪ੍ਰਾਪਰਟੀ ਟੈਕਸ ਅਤੇ ਪਾਣੀ ਤੇ ਸੀਵਰੇਜ ਦੇ ਬਿੱਲਾਂ ਦੀ ਕੁੱਲ ਰਾਸ਼ੀ 3,73,090 ਰੁਪਏ ਪ੍ਰਾਪਰਟੀ ਟੈਕਸ ਦੇ ਕਰੀਬ 24000 ਰੁਪਏ ਕੁਲੈਕਸ਼ਨ ਕੀਤੀ ਗਈ ਅਤੇ ਪਾਣੀ ਤੇ ਸੀਵਰੇਜ ਦੇ 27500 ਰੁਪਏ ਕੁਲੈਕਸ਼ਨ ਹੋਈ। ਇਸ 'ਤੇ
ਉਨ੍ਹਾਂ ਸ਼ਹਿਰ ਵਾਸੀਆਂ ਦਾ ਧੰਨਵਾਦ ਕਰਦੇ ਹੋਏ ਉਨ੍ਹਾਂ ਨੂੰ ਅਪੀਲ ਕੀਤੀ ਕਿ ਉਹ ਨਗਰ ਨਿਗਮ ਵੱਲੋਂ ਗਾਹਕਾਂ ਦੀ ਤਰ੍ਹਾਂ ਸ਼ਨੀਵਾਰ ਨੂੰ ਵੀ ਪ੍ਰਾਪਰਟੀ ਟੈਕਸ ਅਤੇ ਪਾਣੀ ਤੇ ਸੀਵਰੇਜ ਦੀ ਅਦਾਇਗੀ ਲਈ ਸ਼ਨੀਵਾਰ ਨੂੰ ਕਾਊਂਟਰ ਖੁੱਲ੍ਹੇ ਰਹਿਣਗੇ ਹਨ, ਉਨ੍ਹਾਂ ਦਾ ਲਾਭ ਉਠਾਇਆ ਜਾਵੇ। ਉਨ੍ਹਾਂ ਦੱਸਿਆ ਕਿ 20 ਜੁਲਾਈ ਅਤੇ 27 ਜੁਲਾਈ 2024 ਦਿਨ ਸ਼ਨੀਵਾਰ ਨੂੰ ਪ੍ਰਾਪਰਟੀ ਟੈਕਸ ਅਤੇ ਪਾਣੀ ਤੇ ਸੀਵਰੇਜ ਦੇ ਕੈਸ਼ ਕਾਊਂਟਰ ਖੁੱਲ੍ਹੇ ਰਹਿਣਗੇ, ਜਿੱਥੇ ਕਿ ਲੋਕ ਆਪਣਾ ਟੈਕਸ ਸਵੇਰੇ 10 ਵਜੇ ਤੋਂ ਸ਼ਾਮ 3 ਵਜੇ ਤੱਕ ਜਮ੍ਹਾਂ ਕਰਵਾ ਸਕਦੇ ਹਨ। ਜਿਨ੍ਹਾਂ ਸ਼ਹਿਰ ਵਾਸੀਆਂ ਵੱਲੋਂ ਆਪਣਾ ਬਣਦਾ ਪ੍ਰਾਪਰਟੀ ਟੈਕਸ ਅਤੇ ਪਾਣੀ ਤੇ ਸੀਵਰੇਜ ਦੇ ਬਿੱਲਾਂ ਦੀ ਅਦਾਇਗੀ ਨਹੀਂ ਕੀਤੀ ਗਈ, ਉਹ ਜਲਦ ਤੋਂ ਜਲਦ ਆਪਣਾ ਬਕਾਇਆ ਟੈਕਸ ਅਤੇ ਪਾਣੀ ਤੇ ਸੀਵਰੇਜ ਦੇ ਬਿੱਲਾਂ ਦਾ ਭੁਗਤਾਨ ਕਰਨਾ ਯਕੀਨੀ ਬਣਾਉਣ। ਜਿਨ੍ਹਾਂ ਸ਼ਹਿਰ ਵਾਸੀਆਂ ਵੱਲੋਂ ਆਪਣਾ ਪ੍ਰਾਪਰਟੀ ਟੈਕਸ ਅਤੇ ਪਾਣੀ ਤੇ ਸੀਵਰੇਜ ਦੇ ਬਿੱਲਾਂ ਦੀ ਅਦਾਇਗੀ ਨਹੀਂ ਕੀਤੀ ਜਾਂਦੀ ਉਨ੍ਹਾਂ ਨੂੰ ਪੀ.ਐਮ.ਸੀ ਐਕਟ 1976 ਦੀ ਧਾਰਾ ਅਧੀਨ ਨੋਟਿਸ ਜਾਰੀ ਕੀਤੇ ਜਾ ਰਹੇ ਹਨ ਅਤੇ ਕਾਨੂੰਨ ਮੁਤਾਬਿਕ ਬਣਦੀ ਕਾਰਵਾਈ ਕੀਤੀ ਜਾਵੇਗੀ।
ਸ਼ਹਿਰ ਵਾਸੀਆਂ ਨੂੰ ਪੀਣ ਵਾਲਾ ਪਾਣੀ ਮੁਹੱਈਆ ਕਰਵਾਉਣ
'ਚ ਨਹੀਂ ਛੱਡੀ ਜਾ ਰਹੀ ਹੈ ਕੋਈ ਕਮੀ - ਬ੍ਰਹਮ ਸ਼ੰਕਰ ਜਿੰਪਾ
ਪੈਗਾਮ-ਏ-ਜਗਤ/ਹੁਸ਼ਿਆਰਪੁਰ
(ਸਤਨਾਮ ਸਿੰਘ ਸਹੂੰਗੜਾ)
ਕੈਬਨਿਟ ਮੰਤਰੀ ਪੰਜਾਬ ਬ੍ਰਹਮ ਸ਼ੰਕਰ ਜਿੰਪਾ ਨੇ ਕਿਹਾ ਕਿ ਮੁੱਖ ਮੰਤਰੀ ਭਗਵੰਤ ਸਿੰਘ ਮਾਨ ਦੀ ਅਗਵਾਈ ਵਾਲੀ ਪੰਜਾਬ ਸਰਕਾਰ ਸੂਬੇ ਦੇ ਹਰ ਸ਼ਹਿਰ ਵਾਸੀਆਂ ਦਾ ਹੱਥ ਫੜ ਕੇ ਉਨ੍ਹਾਂ ਲਈ ਕੰਮ ਕਰ ਰਹੀ ਹੈ, ਤਾਂ ਜੋ ਜਨਤਾ ਤੱਕ ਸਰਕਾਰੀ ਯੋਜਨਾਵਾਂ ਦਾ ਲਾਭ ਪਹੁੰਚਾਇਆ ਜਾ ਸਕੇ। ਉਹ ਅੱਜ ਵਾਰਡ ਨੰਬਰ 7 ਦੇ ਮੁਹੱਲਾ ਸ਼ਾਲੀਮਾਰ ਨਗਰ ਵਿੱਚ 25 ਲੱਖ ਰੁਪਏ ਦੀ ਲਾਗਤ ਨਾਲ ਲੱਗੇ ਟਿਊਬਵੈੱਲ ਦਾ ਉਦਘਾਟਨ ਕਰਨ ਦੌਰਾਨ ਮੁਹੱਲਾ ਵਾਸੀਆਂ ਨੂੰ ਸੰਬੋਧਨ ਕਰ ਰਹੇ ਸਨ। ਇਸ ਦੌਰਾਨ ਮੇਅਰ ਸੁਰਿੰਦਰ ਕੁਮਾਰ, ਕਮਿਸ਼ਨਰ ਨਗਰ ਨਿਗਮ ਡਾ. ਅਮਨਦੀਪ ਕੌਰ
ਕੌਰ ਵੀ ਮੌਜੂਦ ਸਨ। ਕੈਬਨਿਟ ਮੰਤਰੀ ਨੇ ਮੁੱਖ ਮੰਤਰੀ ਭਗਵੰਤ ਸਿੰਘ ਮਾਨ ਦਾ ਧੰਨਵਾਦ ਕਰਦਿਆਂ ਕਿਹਾ ਕਿ ਇਸ ਸਬੰਧ ਵਿਚ ਟਿਊਬਵੈੱਲ ਹੁਸ਼ਿਆਰਪੁਰ ਵਿਧਾਨ ਸਭਾ ਹਲਕੇ ਵਿਚ ਲੱਗ ਰਹੇ ਹਨ। ਉਨ੍ਹਾਂ ਕਿਹਾ ਕਿ ਸਰਕਾਰ ਸ਼ਹਿਰ ਵਾਸੀਆਂ ਨੂੰ ਸਾਫ-ਸੁਥਰਾ ਪਾਣੀ ਮੁਹੱਈਆ ਕਰਵਾਉਣ ਲਈ ਕੋਈ ਕਮੀ ਨਹੀਂ ਛੱਡੀ ਜਾ ਰਹੀ ਅਤੇ ਵਾਰਡ ਦੀ ਮੰਗ ਅਨੁਸਾਰ ਉਥੇ ਪੀਣ ਵਾਲੇ ਪਾਣੀ ਦੇ ਟਿਊਬਵੈੱਲ ਲਗਾਏ ਜਾ ਰਹੇ ਹਨ। ਉਨ੍ਹਾਂ ਕਿਹਾ ਕਿ ਇਹ ਟਿਊਬਵੈੱਲ ਜਲਦ ਹੀ ਲੋਕਾਂ ਨੂੰ ਸਮਰਪਿਤ ਕਰ ਦਿੱਤਾ ਜਾਵੇਗਾ ਅਤੇ ਮੁਹੱਲਾ ਵਾਸੀਆਂ ਨੂੰ ਵਿਸ਼ਵਾਸ ਦਿਵਾਇਆ ਕਿ ਸ਼ਹਿਰ ਦੇ ਵਿਕਾਸ ਵਿੱਚ ਕੋਈ ਕਸਰ ਨਹੀਂ ਛੱਡੀ ਜਾਵੇਗੀ।
ਦਾ ਪੱਖ ਪਹਿਲ ਦੇ ਆਧਾਰ 'ਤੇ ਕੀਤਾ ਜਾਵੇਗਾ। ਉਨ੍ਹਾਂ ਸ਼ਹਿਰ ਵਾਸੀਆਂ ਨੂੰ ਅਪੀਲ ਕੀਤੀ ਕਿ ਉਹ ਪਾਣੀ ਦੀ ਬਰਬਾਦੀ ਨਾ ਕਰਨ ਅਤੇ ਜਲ ਸੰਭਾਲ ਵਿੱਚ ਸਹਿਯੋਗ ਦੇਣ। ਇਸ ਦੌਰਾਨ ਉਨ੍ਹਾਂ ਨੇ ਪੌਦੇ ਵੀ ਲਗਾਏ ਅਤੇ ਮੁਹੱਲਾ ਵਾਸੀਆਂ ਨੂੰ ਵੀ ਵੱਧ ਤੋਂ ਵੱਧ ਪੌਦੇ ਲਗਾਉਣ ਲਈ ਪ੍ਰੇਰਿਤ ਕੀਤਾ। ਇਸ ਮੌਕੇ ਸੀਨੀਅਰ ਡਿਪਟੀ ਮੇਅਰ ਪ੍ਰਵੀਨ ਸੈਣੀ, ਡਿਪਟੀ ਮੇਅਰ ਰਣਜੀਤ ਚੌਧਰੀ, ਸਯੁੰਕਤ ਕਮਿਸ਼ਨਰ ਸੰਦੀਪ ਤਿਵਾੜੀ, ਐਕਸੀਅਨ ਹਰਪ੍ਰੀਤ ਸਿੰਘ, ਸੁਸ਼ਮ ਸੈਣੀ, ਮੁਹੱਲਾ ਵਾਸੀਆਂ ਦੇ ਪ੍ਰਧਾਨ ਕੈਪਟਨ ਰਣਜੀਤ ਸਿੰਘ ਤੋਂ ਇਲਾਵਾ ਹੋਰ ਪਤਵੰਤੇ ਵੀ ਮੌਜੂਦ ਸਨ।
ਪਿੰਡ ਬੋਹਣ 'ਚ ਬਜ਼ੁਰਗਾਂ ਲਈ
ਲਗਾਇਆ ਮੁਫ਼ਤ ਮੈਡੀਕਲ ਕੈਂਪ
ਪੈਗਾਮ-ਏ-ਜਗਤ/ਹੁਸ਼ਿਆਰਪੁਰ
(ਸਤਨਾਮ ਸਿੰਘ ਸਹੂੰਗੜਾ)
ਡਾਇਰੈਕਟਰ ਆਯੁਰਵੇਦ ਪੰਜਾਬ ਡਾ. ਰਵੀ ਕੁਮਾਰ ਡੂਮਰਾ ਅਤੇ ਜ਼ਿਲ੍ਹਾ ਆਯੁਰਵੈਦਿਕ ਅਤੇ ਯੂਨਾਨੀ ਅਫਸਰ ਹੁਸ਼ਿਆਰਪੁਰ ਡਾ. ਪ੍ਰਦੀਪ ਸਿੰਘ ਦੀ ਅਗਵਾਈ ਹੇਠ ਪਿੰਡ ਬੋਹਣ ਵਿਖੇ ਬਜ਼ੁਰਗਾਂ ਲਈ ਮੁਫ਼ਤ ਮੈਡੀਕਲ ਕੈਂਪ
190 ਮਰੀਜ਼ਾਂ ਦਾ ਚੈਕਅੱਪ ਕਰਕੇ ਦਿੱਤੀਆਂ ਮੁਫ਼ਤ ਦਵਾਈਆਂ
ਲਗਾਇਆ ਗਿਆ। ਇਸ ਮੌਕੇ ਕੁੱਲ 190 ਮਰੀਜ਼ਾਂ ਦਾ ਚੈਕਅੱਪ ਕੀਤਾ ਗਿਆ ਅਤੇ ਮੁਫ਼ਤ ਦਵਾਈਆਂ ਦਿੱਤੀਆਂ ਗਈਆਂ। ਕੈਂਪ ਵਿੱਚ ਡਾ. ਮੁਕੇਸ਼ ਧੀਮਾਨ, ਡਾ. ਅਮਰਪ੍ਰੀਤ ਕੌਰ, ਅਮਨਜੋਤ ਕੌਰ, ਤਰਿਸ਼ਕਾ ਸ਼ਰਮਾ, ਹਰਕੀਰਤ ਕੌਰ, ਰਾਹੁਲ ਸੈਣੀ, ਸੁਨੀਤਾ ਕੁਮਾਰੀ, ਰਮੇਸ਼ ਕੁਮਾਰ, ਪਰਮਜੀਤ ਕੌਰ, ਸੁਰਿੰਦਰ ਕੌਰ ਨੇ ਸੇਵਾਵਾਂ ਨਿਭਾਈਆਂ। ਇਸ ਮੌਕੇ ਜ਼ਿਲ੍ਹਾ ਆਯੁਰਵੈਦਿਕ
ਯੂਨਾਨੀ ਅਫਸਰ ਡਾ. ਪ੍ਰਦੀਪ ਸਿੰਘ ਨੇ ਲੋਕਾਂ ਨੂੰ ਯੋਗਾ ਦੇ ਲਾਭਾਂ ਬਾਰੇ ਦੱਸਿਆ ਅਤੇ ਮਰੀਜ਼ਾਂ ਨੂੰ ਆਯੁਰਵੈਦਿਕ ਦਵਾਈਆਂ ਬਾਰੇ ਜਾਗਰੂਕ ਕੀਤਾ। ਕੈਂਪ ਦੌਰਾਨ ਮਰੀਜ਼ਾਂ ਦਾ ਬਲੱਡ ਪ੍ਰੈਸ਼ਰ ਅਤੇ ਸ਼ੂਗਰ ਟੈਸਟ ਕੀਤੇ ਗਏ। ਇਸ ਮੌਕੇ ਜੋੜਾਂ ਦੇ ਦਰਦ, ਖਾਂਸੀ, ਪੇਟ ਰੋਗ ਦੇ ਮਰੀਜ਼ ਸਨ।
ਵੱਲੋਂ ਵਿਸ਼ੇਸ਼ ਤੌਰ 'ਤੇ ਸਹਿਯੋਗ ਦਿੱਤਾ ਗਿਆ। ਕੈਂਪ ਵਿਚ ਡਾ. ਸੁਰਿੰਦਰ ਪਾਲ ਕੌਰ, ਸੀਨੀਅਰ ਵਿਜੀਲੈਂਸ ਦਲਜੀਤ ਕੌਰ, ਸੁਪਰਡੈਂਟ ਮਨੂੰ ਸ਼ਰਮਾ, ਉਪਵੈਦ ਅਤੇ ਸਟਾਫ ਮੈਂਬਰ ਮੌਜੂਦ ਰਹੇ। ਆਖੀਰ ਵਿਚ ਜ਼ਿਲ੍ਹਾ ਆਯੁਰਵੈਦਿਕ ਅਤੇ ਯੂਨਾਨੀ ਅਫਸਰ ਡਾ. ਪ੍ਰਦੀਪ ਸਿੰਘ ਨੂੰ ਸਨਮਾਨਿਤ ਕੀਤਾ ਗਿਆ।
'ਪੈਗਾਮ-ਏ-ਜਗਤ' 'ਚ ਪ੍ਰਕਾਸ਼ਿਤ ਸਮੱਗਰੀ ਅਤੇ ਹੋਰ ਵਾਦ-ਵਿਵਾਦ ਸੰਬੰਧੀ ਕੇਸਾਂ ਦਾ ਨਿਪਟਾਰਾ ਸਿਰਫ ਮੁਹਾਲੀ (ਐਸ.ਏ.ਐਸ) ਕੋਰਟ ਵਿੱਚ ਹੀ ਹੋਵੇਗਾ। ਲੇਖਕਾਂ ਦੀ ਰਾਏ ਨਾਲ ਸੰਪਾਦਕ ਦਾ ਸਹਿਮਤ ਹੋਣਾ ਜ਼ਰੂਰੀ ਨਹੀਂ। -ਸੰਪਾਦਕ, ਪੈਗਾਮ-ਏ-ਜਗਤ
